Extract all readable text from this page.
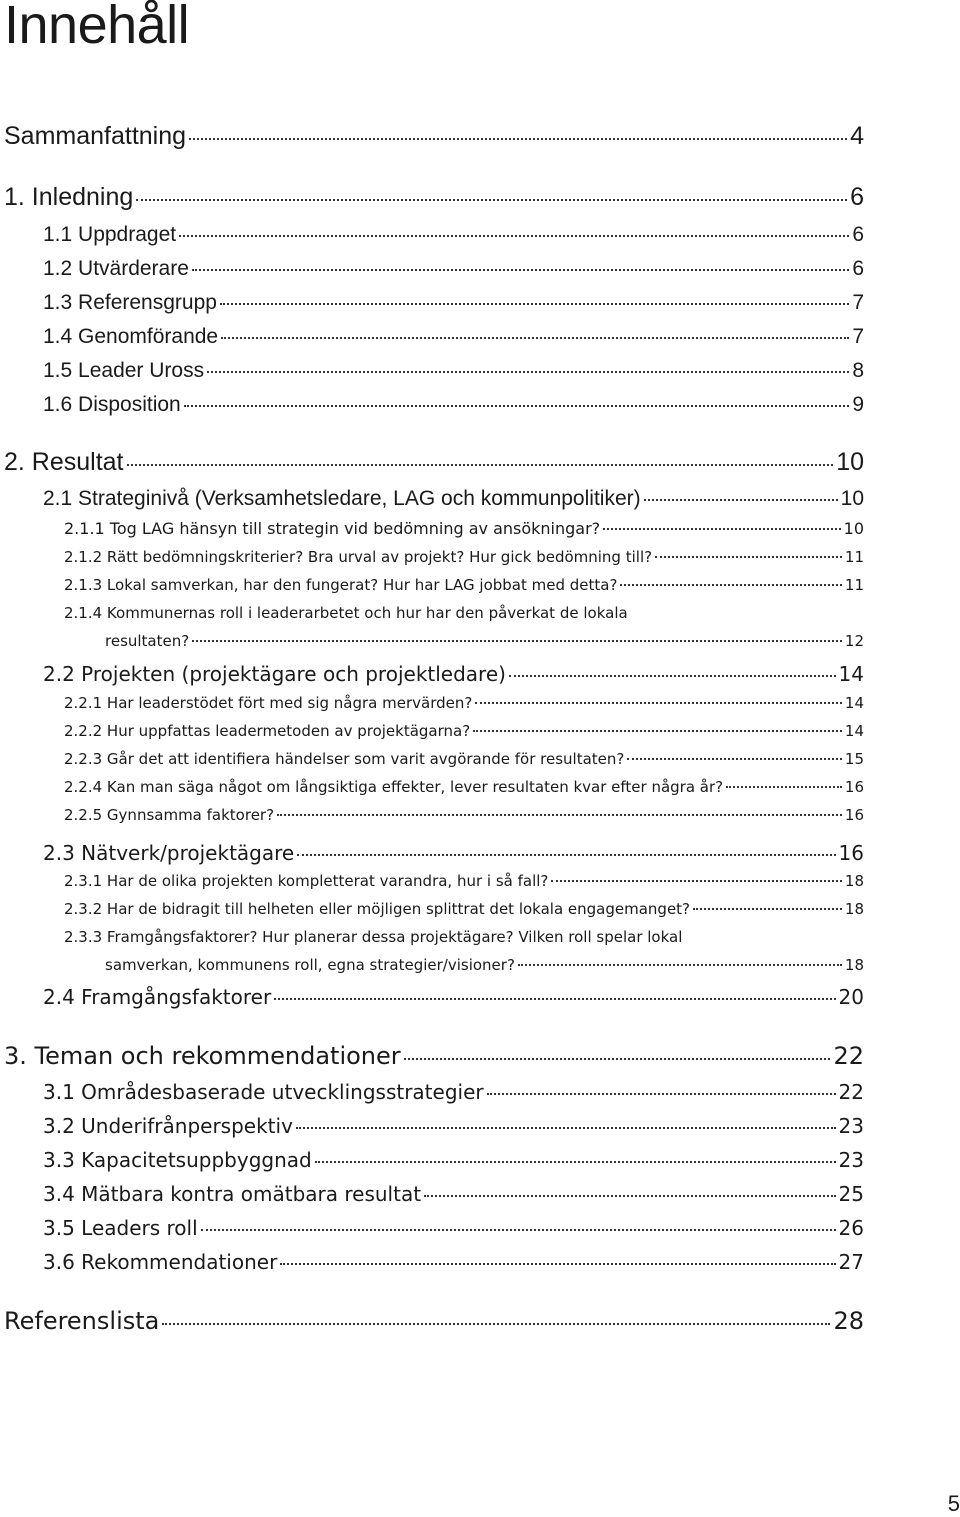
Innehåll
Sammanfattning	4
1. Inledning	6
1.1 Uppdraget	6
1.2 Utvärderare	6
1.3 Referensgrupp	7
1.4 Genomförande	7
1.5 Leader Uross	8
1.6 Disposition	9
2. Resultat	10
2.1 Strateginivå (Verksamhetsledare, LAG och kommunpolitiker)	10
2.1.1 Tog LAG hänsyn till strategin vid bedömning av ansökningar?	10
2.1.2 Rätt bedömningskriterier? Bra urval av projekt? Hur gick bedömning till?	11
2.1.3 Lokal samverkan, har den fungerat? Hur har LAG jobbat med detta?	11
2.1.4 Kommunernas roll i leaderarbetet och hur har den påverkat de lokala
resultaten?	12
2.2 Projekten (projektägare och projektledare)	14
2.2.1 Har leaderstödet fört med sig några mervärden?	14
2.2.2 Hur uppfattas leadermetoden av projektägarna?	14
2.2.3 Går det att identifiera händelser som varit avgörande för resultaten?	15
2.2.4 Kan man säga något om långsiktiga effekter, lever resultaten kvar efter några år?	16
2.2.5 Gynnsamma faktorer?	16
2.3 Nätverk/projektägare	16
2.3.1 Har de olika projekten kompletterat varandra, hur i så fall?	18
2.3.2 Har de bidragit till helheten eller möjligen splittrat det lokala engagemanget?	18
2.3.3 Framgångsfaktorer? Hur planerar dessa projektägare? Vilken roll spelar lokal
samverkan, kommunens roll, egna strategier/visioner?	18
2.4 Framgångsfaktorer	20
3. Teman och rekommendationer	22
3.1 Områdesbaserade utvecklingsstrategier	22
3.2 Underifrånperspektiv	23
3.3 Kapacitetsuppbyggnad	23
3.4 Mätbara kontra omätbara resultat	25
3.5 Leaders roll	26
3.6 Rekommendationer	27
Referenslista	28
5
